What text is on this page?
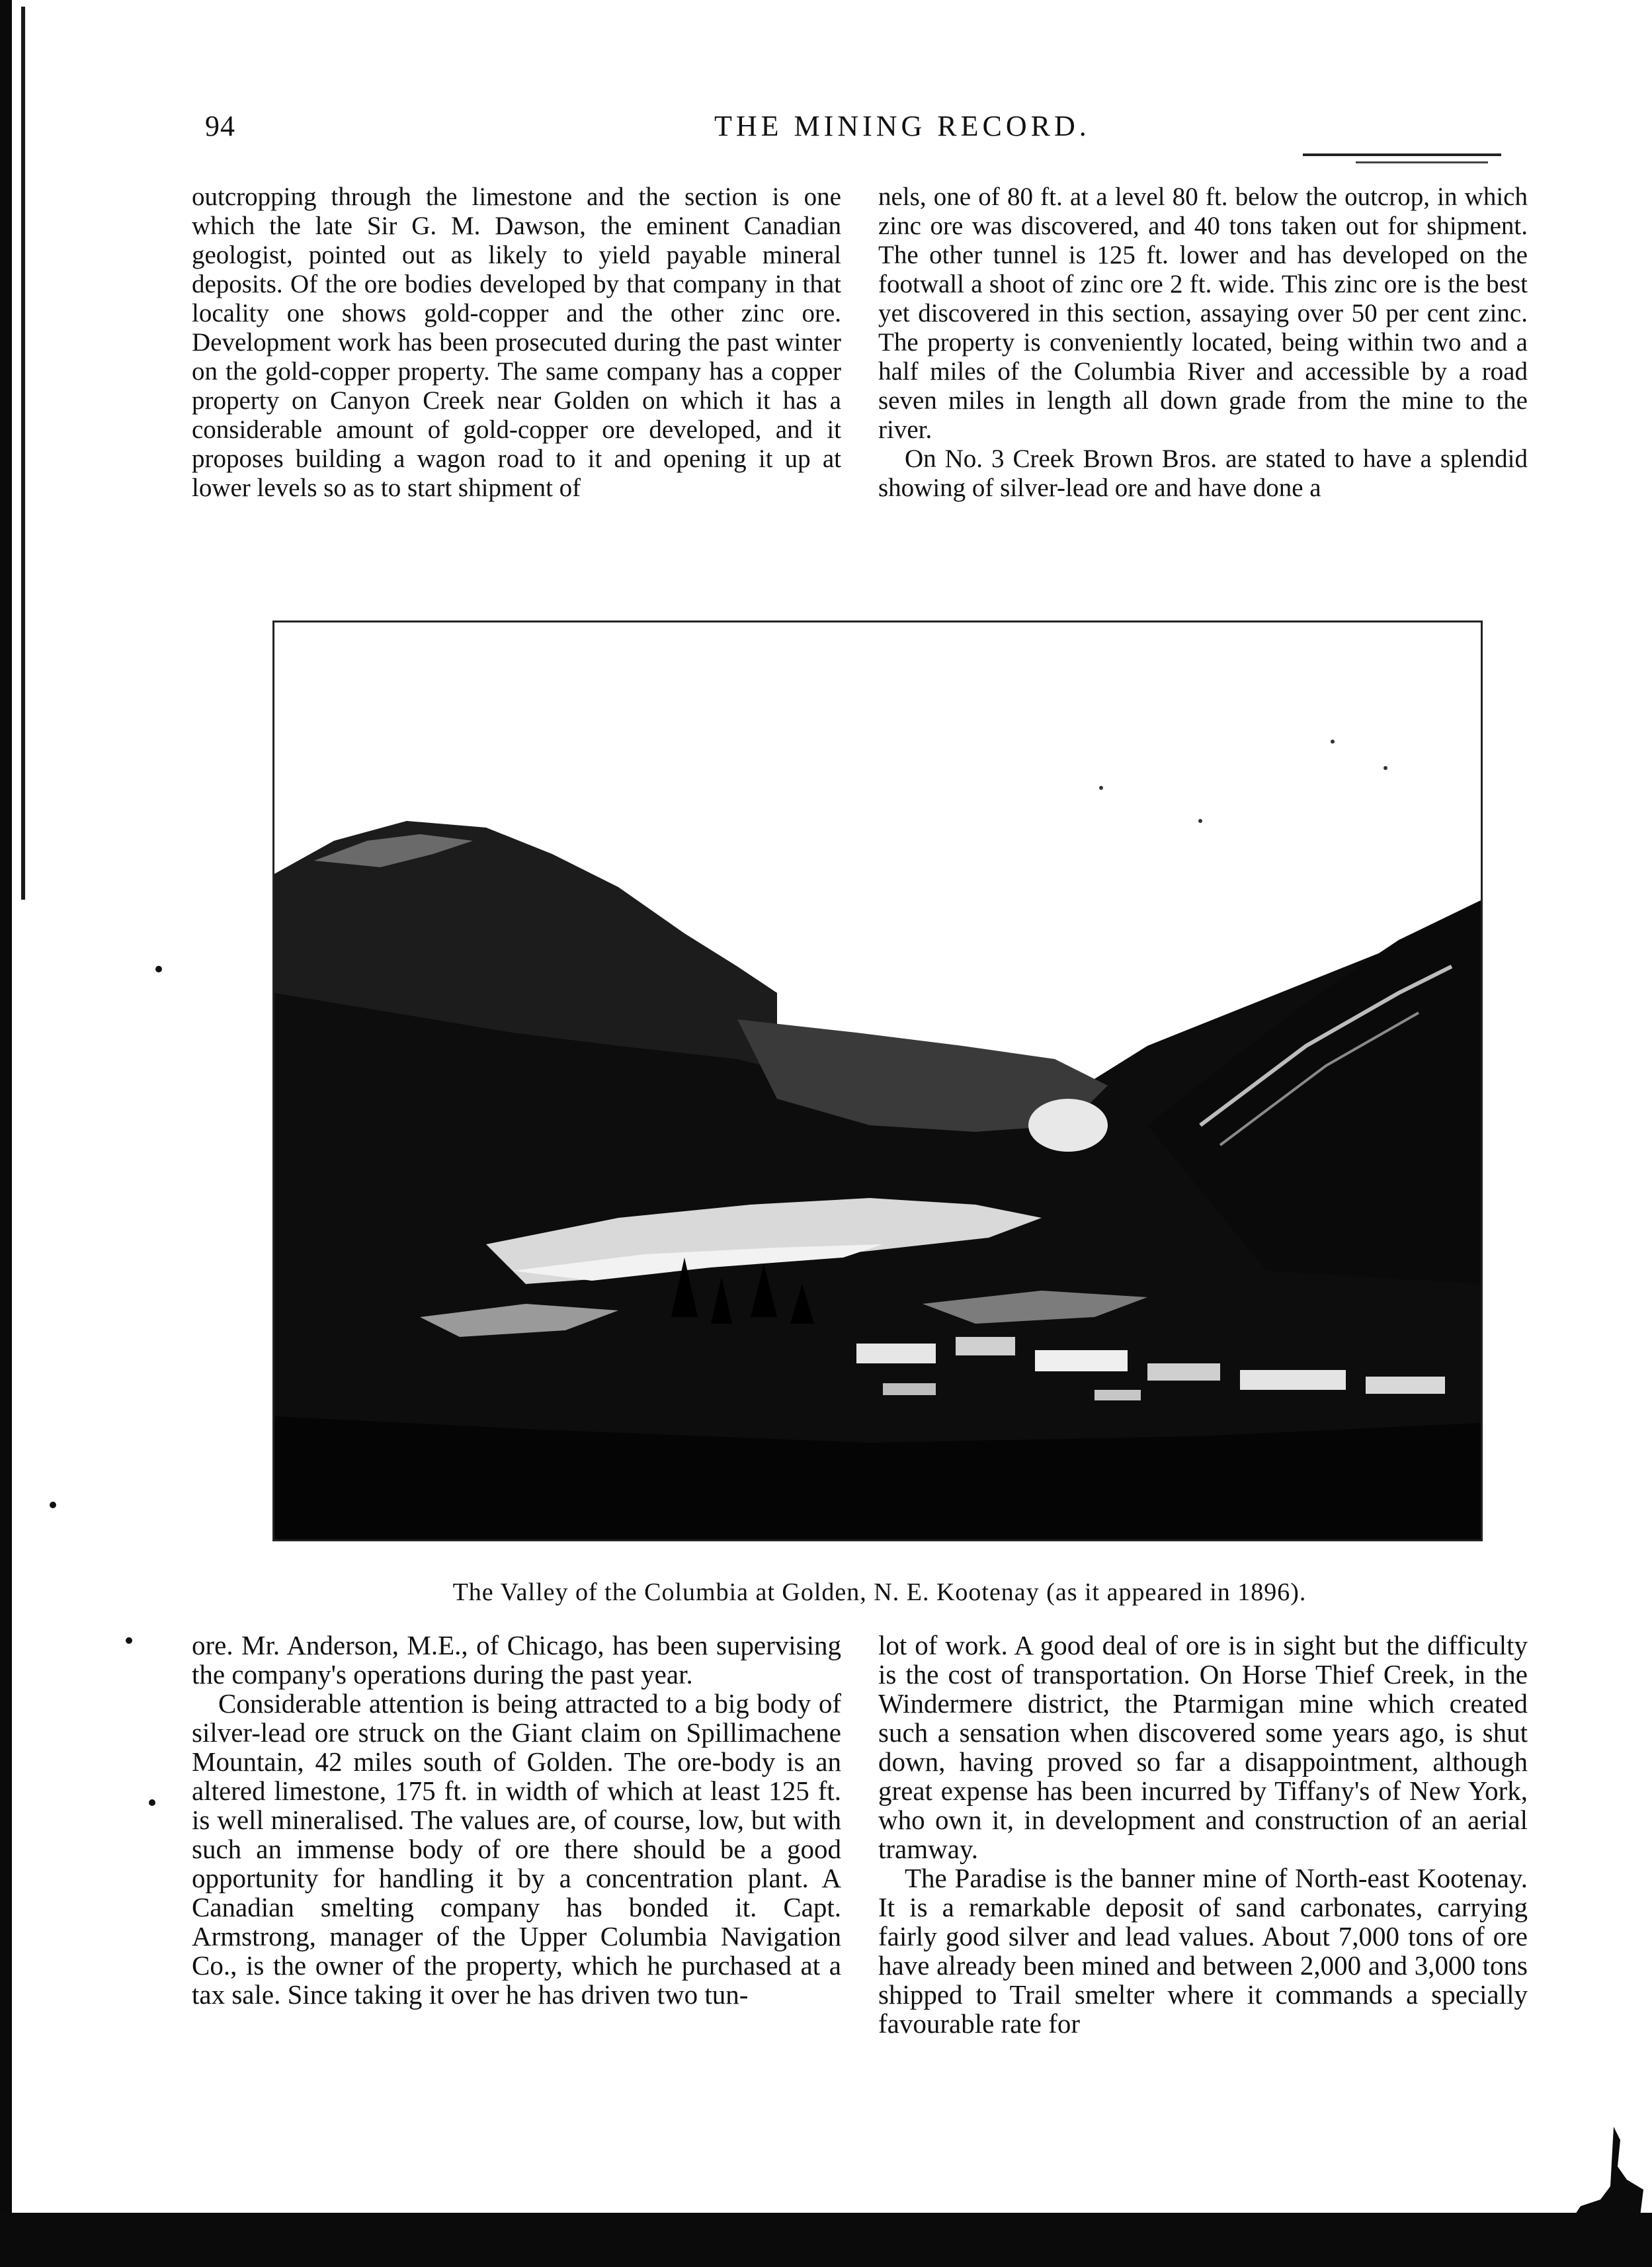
94	THE MINING RECORD.

outcropping through the limestone and the section is one which the late Sir G. M. Dawson, the eminent Canadian geologist, pointed out as likely to yield payable mineral deposits. Of the ore bodies developed by that company in that locality one shows gold-copper and the other zinc ore. Development work has been prosecuted during the past winter on the gold-copper property. The same company has a copper property on Canyon Creek near Golden on which it has a considerable amount of gold-copper ore developed, and it proposes building a wagon road to it and opening it up at lower levels so as to start shipment of

nels, one of 80 ft. at a level 80 ft. below the outcrop, in which zinc ore was discovered, and 40 tons taken out for shipment. The other tunnel is 125 ft. lower and has developed on the footwall a shoot of zinc ore 2 ft. wide. This zinc ore is the best yet discovered in this section, assaying over 50 per cent zinc. The property is conveniently located, being within two and a half miles of the Columbia River and accessible by a road seven miles in length all down grade from the mine to the river.

On No. 3 Creek Brown Bros. are stated to have a splendid showing of silver-lead ore and have done a

The Valley of the Columbia at Golden, N. E. Kootenay (as it appeared in 1896).

ore. Mr. Anderson, M.E., of Chicago, has been supervising the company's operations during the past year.

Considerable attention is being attracted to a big body of silver-lead ore struck on the Giant claim on Spillimachene Mountain, 42 miles south of Golden. The ore-body is an altered limestone, 175 ft. in width of which at least 125 ft. is well mineralised. The values are, of course, low, but with such an immense body of ore there should be a good opportunity for handling it by a concentration plant. A Canadian smelting company has bonded it. Capt. Armstrong, manager of the Upper Columbia Navigation Co., is the owner of the property, which he purchased at a tax sale. Since taking it over he has driven two tun-

lot of work. A good deal of ore is in sight but the difficulty is the cost of transportation. On Horse Thief Creek, in the Windermere district, the Ptarmigan mine which created such a sensation when discovered some years ago, is shut down, having proved so far a disappointment, although great expense has been incurred by Tiffany's of New York, who own it, in development and construction of an aerial tramway.

The Paradise is the banner mine of North-east Kootenay. It is a remarkable deposit of sand carbonates, carrying fairly good silver and lead values. About 7,000 tons of ore have already been mined and between 2,000 and 3,000 tons shipped to Trail smelter where it commands a specially favourable rate for
